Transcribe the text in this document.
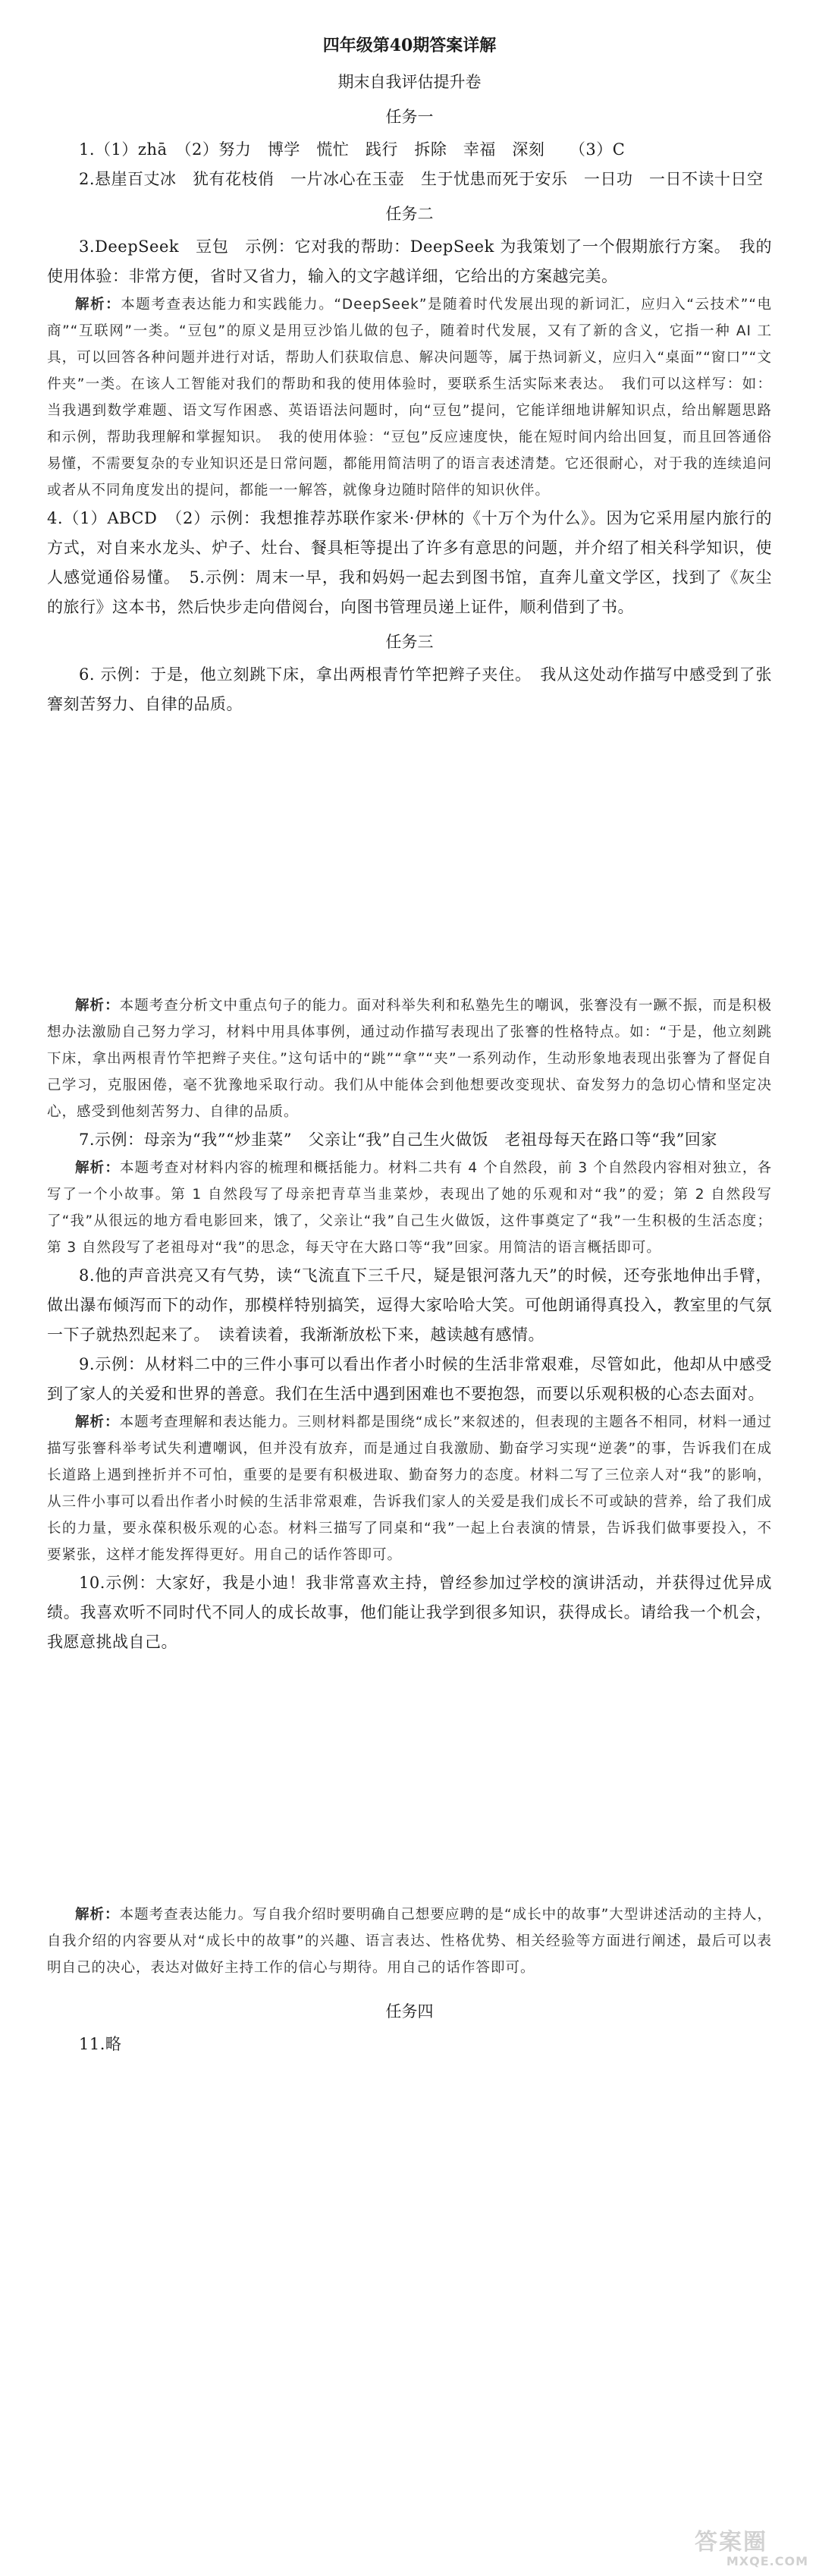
四年级第40期答案详解
期末自我评估提升卷
任务一

1.（1）zhā　（2）努力　博学　慌忙　践行　拆除　幸福　深刻　　（3）C

2.悬崖百丈冰　犹有花枝俏　一片冰心在玉壶　生于忧患而死于安乐　一日功　一日不读十日空

任务二

3.DeepSeek　豆包　示例：它对我的帮助：DeepSeek 为我策划了一个假期旅行方案。　我的使用体验：非常方便，省时又省力，输入的文字越详细，它给出的方案越完美。

解析：本题考查表达能力和实践能力。“DeepSeek”是随着时代发展出现的新词汇，应归入“云技术”“电商”“互联网”一类。“豆包”的原义是用豆沙馅儿做的包子，随着时代发展，又有了新的含义，它指一种 AI 工具，可以回答各种问题并进行对话，帮助人们获取信息、解决问题等，属于热词新义，应归入“桌面”“窗口”“文件夹”一类。在该人工智能对我们的帮助和我的使用体验时，要联系生活实际来表达。　我们可以这样写：如：当我遇到数学难题、语文写作困惑、英语语法问题时，向“豆包”提问，它能详细地讲解知识点，给出解题思路和示例，帮助我理解和掌握知识。　我的使用体验：“豆包”反应速度快，能在短时间内给出回复，而且回答通俗易懂，不需要复杂的专业知识还是日常问题，都能用简洁明了的语言表述清楚。它还很耐心，对于我的连续追问或者从不同角度发出的提问，都能一一解答，就像身边随时陪伴的知识伙伴。

4.（1）ABCD　（2）示例：我想推荐苏联作家米·伊林的《十万个为什么》。因为它采用屋内旅行的方式，对自来水龙头、炉子、灶台、餐具柜等提出了许多有意思的问题，并介绍了相关科学知识，使人感觉通俗易懂。　5.示例：周末一早，我和妈妈一起去到图书馆，直奔儿童文学区，找到了《灰尘的旅行》这本书，然后快步走向借阅台，向图书管理员递上证件，顺利借到了书。

任务三

6. 示例：于是，他立刻跳下床，拿出两根青竹竿把辫子夹住。　我从这处动作描写中感受到了张謇刻苦努力、自律的品质。

解析：本题考查分析文中重点句子的能力。面对科举失利和私塾先生的嘲讽，张謇没有一蹶不振，而是积极想办法激励自己努力学习，材料中用具体事例，通过动作描写表现出了张謇的性格特点。如：“于是，他立刻跳下床，拿出两根青竹竿把辫子夹住。”这句话中的“跳”“拿”“夹”一系列动作，生动形象地表现出张謇为了督促自己学习，克服困倦，毫不犹豫地采取行动。我们从中能体会到他想要改变现状、奋发努力的急切心情和坚定决心，感受到他刻苦努力、自律的品质。

7.示例：母亲为“我”“炒韭菜”　父亲让“我”自己生火做饭　老祖母每天在路口等“我”回家

解析：本题考查对材料内容的梳理和概括能力。材料二共有 4 个自然段，前 3 个自然段内容相对独立，各写了一个小故事。第 1 自然段写了母亲把青草当韭菜炒，表现出了她的乐观和对“我”的爱；第 2 自然段写了“我”从很远的地方看电影回来，饿了，父亲让“我”自己生火做饭，这件事奠定了“我”一生积极的生活态度；第 3 自然段写了老祖母对“我”的思念，每天守在大路口等“我”回家。用简洁的语言概括即可。

8.他的声音洪亮又有气势，读“飞流直下三千尺，疑是银河落九天”的时候，还夸张地伸出手臂，做出瀑布倾泻而下的动作，那模样特别搞笑，逗得大家哈哈大笑。可他朗诵得真投入，教室里的气氛一下子就热烈起来了。　读着读着，我渐渐放松下来，越读越有感情。

9.示例：从材料二中的三件小事可以看出作者小时候的生活非常艰难，尽管如此，他却从中感受到了家人的关爱和世界的善意。我们在生活中遇到困难也不要抱怨，而要以乐观积极的心态去面对。

解析：本题考查理解和表达能力。三则材料都是围绕“成长”来叙述的，但表现的主题各不相同，材料一通过描写张謇科举考试失利遭嘲讽，但并没有放弃，而是通过自我激励、勤奋学习实现“逆袭”的事，告诉我们在成长道路上遇到挫折并不可怕，重要的是要有积极进取、勤奋努力的态度。材料二写了三位亲人对“我”的影响，从三件小事可以看出作者小时候的生活非常艰难，告诉我们家人的关爱是我们成长不可或缺的营养，给了我们成长的力量，要永葆积极乐观的心态。材料三描写了同桌和“我”一起上台表演的情景，告诉我们做事要投入，不要紧张，这样才能发挥得更好。用自己的话作答即可。

10.示例：大家好，我是小迪！我非常喜欢主持，曾经参加过学校的演讲活动，并获得过优异成绩。我喜欢听不同时代不同人的成长故事，他们能让我学到很多知识，获得成长。请给我一个机会，我愿意挑战自己。

解析：本题考查表达能力。写自我介绍时要明确自己想要应聘的是“成长中的故事”大型讲述活动的主持人，自我介绍的内容要从对“成长中的故事”的兴趣、语言表达、性格优势、相关经验等方面进行阐述，最后可以表明自己的决心，表达对做好主持工作的信心与期待。用自己的话作答即可。

任务四

11.略

答案圈
MXQE.COM
